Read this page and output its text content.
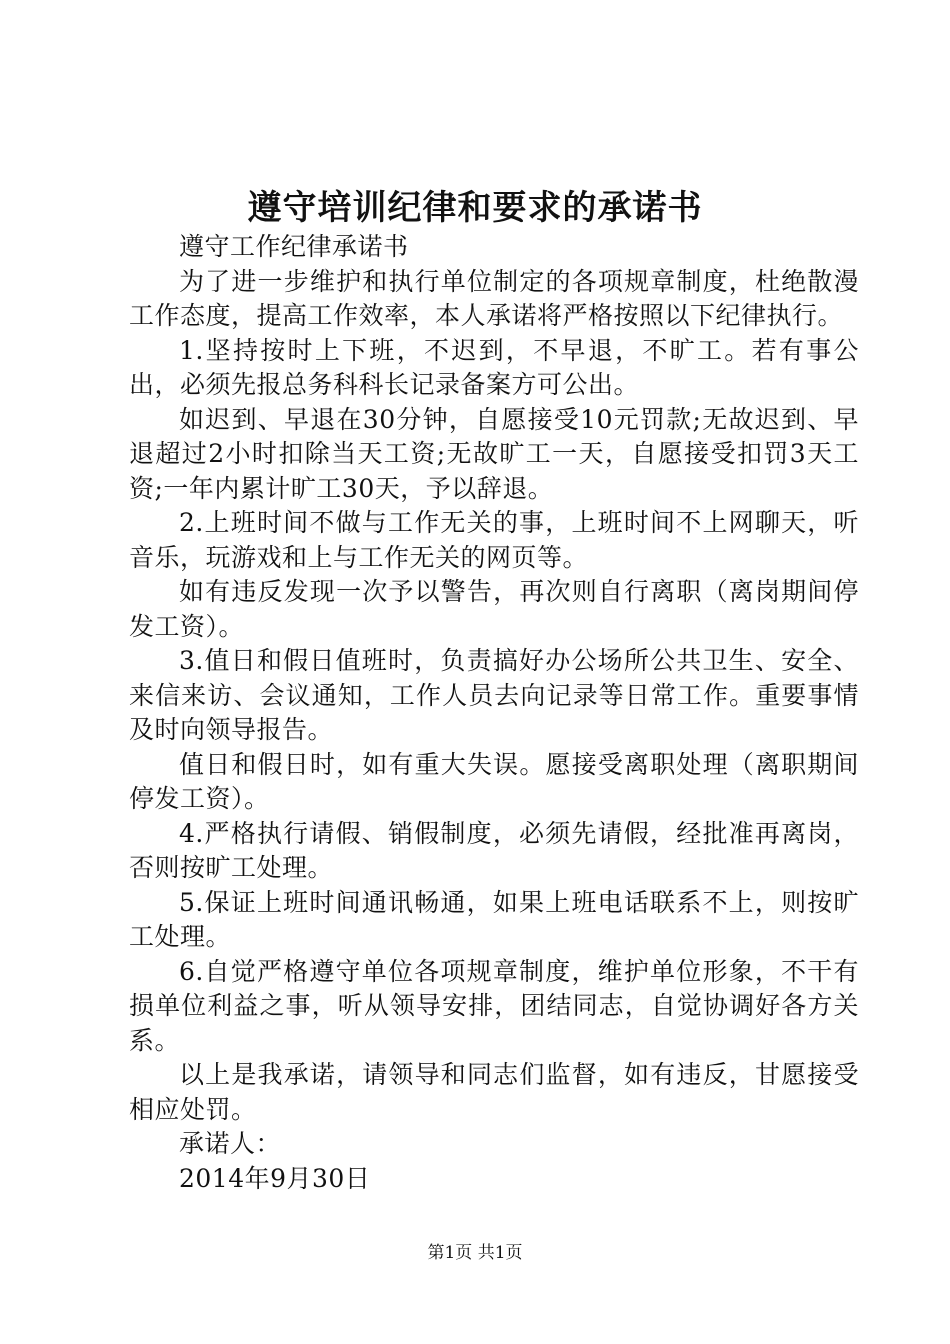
遵守培训纪律和要求的承诺书

遵守工作纪律承诺书

为了进一步维护和执行单位制定的各项规章制度，杜绝散漫工作态度，提高工作效率，本人承诺将严格按照以下纪律执行。

1.坚持按时上下班，不迟到，不早退，不旷工。若有事公出，必须先报总务科科长记录备案方可公出。

如迟到、早退在30分钟，自愿接受10元罚款;无故迟到、早退超过2小时扣除当天工资;无故旷工一天，自愿接受扣罚3天工资;一年内累计旷工30天，予以辞退。

2.上班时间不做与工作无关的事，上班时间不上网聊天，听音乐，玩游戏和上与工作无关的网页等。

如有违反发现一次予以警告，再次则自行离职（离岗期间停发工资）。

3.值日和假日值班时，负责搞好办公场所公共卫生、安全、来信来访、会议通知，工作人员去向记录等日常工作。重要事情及时向领导报告。

值日和假日时，如有重大失误。愿接受离职处理（离职期间停发工资）。

4.严格执行请假、销假制度，必须先请假，经批准再离岗，否则按旷工处理。

5.保证上班时间通讯畅通，如果上班电话联系不上，则按旷工处理。

6.自觉严格遵守单位各项规章制度，维护单位形象，不干有损单位利益之事，听从领导安排，团结同志，自觉协调好各方关系。

以上是我承诺，请领导和同志们监督，如有违反，甘愿接受相应处罚。

承诺人：

2014年9月30日

第1页 共1页
